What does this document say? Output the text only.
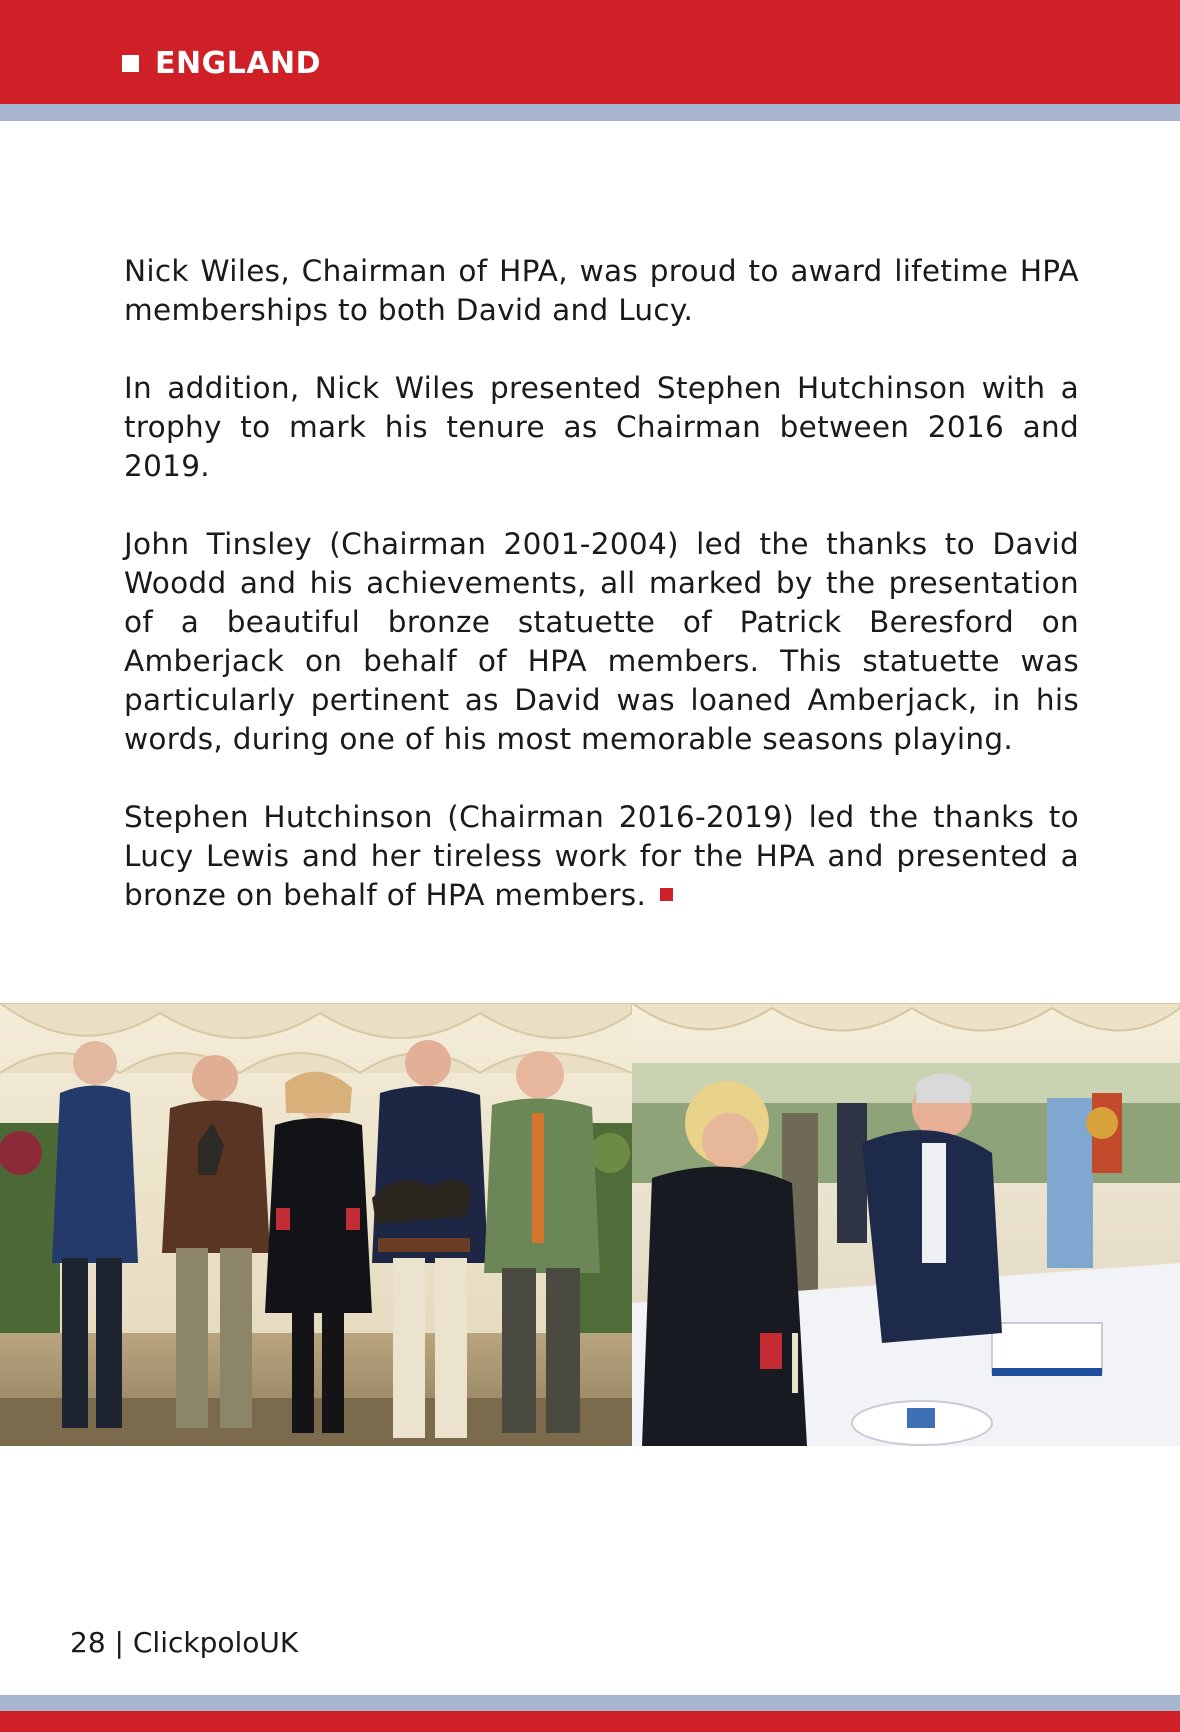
ENGLAND

Nick Wiles, Chairman of HPA, was proud to award lifetime HPA memberships to both David and Lucy.

In addition, Nick Wiles presented Stephen Hutchinson with a trophy to mark his tenure as Chairman between 2016 and 2019.

John Tinsley (Chairman 2001-2004) led the thanks to David Woodd and his achievements, all marked by the presentation of a beautiful bronze statuette of Patrick Beresford on Amberjack on behalf of HPA members. This statuette was particularly pertinent as David was loaned Amberjack, in his words, during one of his most memorable seasons playing.

Stephen Hutchinson (Chairman 2016-2019) led the thanks to Lucy Lewis and her tireless work for the HPA and presented a bronze on behalf of HPA members.

28 | ClickpoloUK
